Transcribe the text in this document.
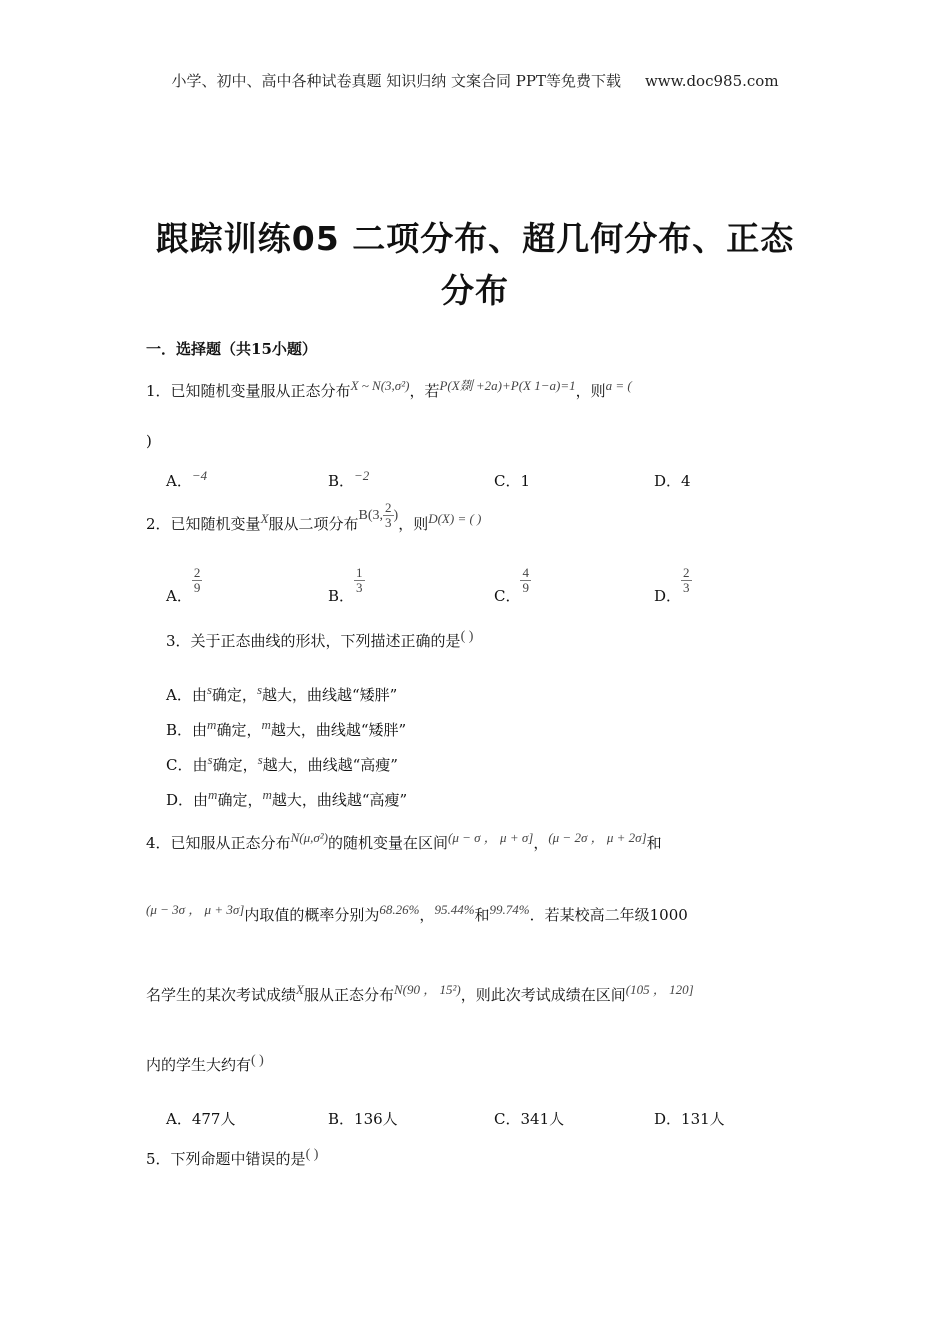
小学、初中、高中各种试卷真题 知识归纳 文案合同 PPT等免费下载 www.doc985.com
跟踪训练05 二项分布、超几何分布、正态
分布
一．选择题（共15小题）
1．已知随机变量服从正态分布X ~ N(3,σ²)，若P(X剟 +2a)+P(X 1−a)=1，则a = (
)
A．−4	B．−2	C．1	D．4
2．已知随机变量X服从二项分布B(3, $\frac{2}{3}$ )，则D(X) = ( )
A．
$\frac{2}{9}$
B．
$\frac{1}{3}$
C．
$\frac{4}{9}$
D．
$\frac{2}{3}$
3．关于正态曲线的形状，下列描述正确的是( )
A．由s确定，s越大，曲线越“矮胖”
B．由m确定，m越大，曲线越“矮胖”
C．由s确定，s越大，曲线越“高瘦”
D．由m确定，m越大，曲线越“高瘦”
4．已知服从正态分布N(μ,σ²)的随机变量在区间(μ − σ ， μ + σ]，(μ − 2σ ， μ + 2σ]和
(μ − 3σ ， μ + 3σ]内取值的概率分别为68.26%，95.44%和99.74%．若某校高二年级1000
名学生的某次考试成绩X服从正态分布N(90 ， 15²)，则此次考试成绩在区间(105 ， 120]
内的学生大约有( )
A．477人	B．136人	C．341人	D．131人
5．下列命题中错误的是( )
